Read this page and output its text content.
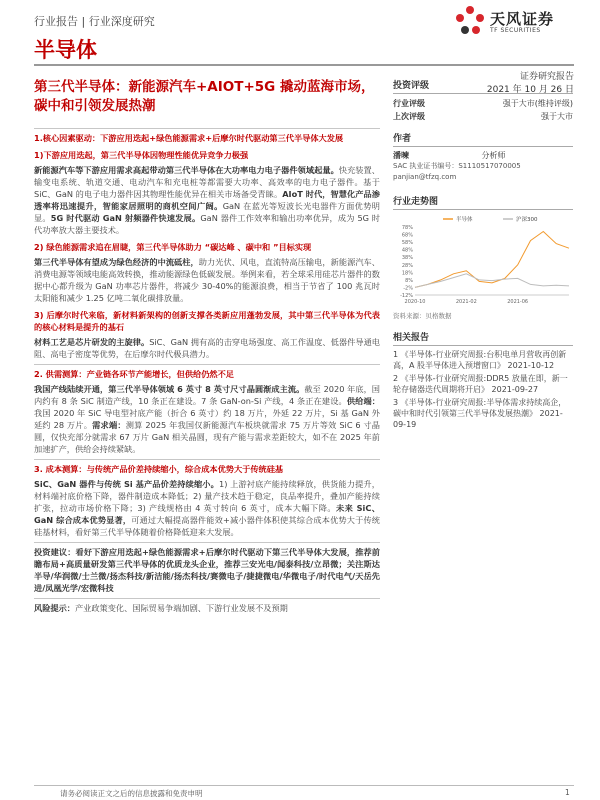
行业报告 | 行业深度研究	天风证券
TF SECURITIES
半导体
证券研究报告
2021 年 10 月 26 日
第三代半导体：新能源汽车+AIOT+5G 撬动蓝海市场，碳中和引领发展热潮
1.核心因素驱动：下游应用迭起+绿色能源需求+后摩尔时代驱动第三代半导体大发展
1)下游应用迭起，第三代半导体因物理性能优异竞争力极强

新能源汽车等下游应用需求高起带动第三代半导体在大功率电力电子器件领域起量。快充装置、输变电系统、轨道交通、电动汽车和充电桩等都需要大功率、高效率的电力电子器件。基于 SiC、GaN 的电子电力器件因其物理性能优异在相关市场备受青睐。AIoT 时代，智慧化产品渗透率将迅速提升，智能家居照明的商机空间广阔。GaN 在蓝光等短波长光电器件方面优势明显。5G 时代驱动 GaN 射频器件快速发展。GaN 器件工作效率和输出功率优异，成为 5G 时代功率放大器主要技术。

2) 绿色能源需求追在眉睫，第三代半导体助力 “碳达峰 、碳中和 ”目标实现

第三代半导体有望成为绿色经济的中流砥柱，助力光伏、风电，直流特高压输电，新能源汽车、消费电源等领域电能高效转换，推动能源绿色低碳发展。举例来看，若全球采用硅芯片器件的数据中心都升级为 GaN 功率芯片器件，将减少 30-40%的能源浪费，相当于节省了 100 兆瓦时太阳能和减少 1.25 亿吨二氧化碳排放量。

3) 后摩尔时代来临，新材料新架构的创新支撑各类新应用蓬勃发展，其中第三代半导体为代表的核心材料是提升的基石

材料工艺是芯片研发的主旋律。SiC、GaN 拥有高的击穿电场强度、高工作温度、低器件导通电阻、高电子密度等优势，在后摩尔时代极具潜力。

2. 供需测算：产业链各环节产能增长，但供给仍然不足

我国产线陆续开通，第三代半导体领域 6 英寸 8 英寸尺寸晶圆渐成主流。截至 2020 年底，国内约有 8 条 SiC 制造产线，10 条正在建设。7 条 GaN-on-Si 产线，4 条正在建设。供给端：我国 2020 年 SiC 导电型衬底产能（折合 6 英寸）约 18 万片，外延 22 万片，Si 基 GaN 外延约 28 万片。需求端：测算 2025 年我国仅新能源汽车板块就需求 75 万片等效 SiC 6 寸晶圆，仅快充部分就需求 67 万片 GaN 相关晶圆，现有产能与需求差距较大，如不在 2025 年前加速扩产，供给会持续紧缺。

3. 成本测算：与传统产品价差持续缩小，综合成本优势大于传统硅基

SiC、GaN 器件与传统 Si 基产品价差持续缩小。1) 上游衬底产能持续释放，供货能力提升，材料端衬底价格下降，器件制造成本降低；2) 量产技术趋于稳定，良品率提升，叠加产能持续扩张，拉动市场价格下降；3) 产线规格由 4 英寸转向 6 英寸，成本大幅下降。未来 SiC、GaN 综合成本优势显著，可通过大幅提高器件能效+减小器件体积使其综合成本优势大于传统硅基材料，看好第三代半导体随着价格降低迎来大发展。

投资建议：看好下游应用迭起+绿色能源需求+后摩尔时代驱动下第三代半导体大发展，推荐前瞻布局+高质量研发第三代半导体的优质龙头企业，推荐三安光电/闻泰科技/立昂微；关注斯达半导/华润微/士兰微/扬杰科技/新洁能/扬杰科技/赛微电子/捷捷微电/华微电子/时代电气/天岳先进/凤凰光学/宏微科技

风险提示：产业政策变化、国际贸易争端加剧、下游行业发展不及预期

投资评级
行业评级	强于大市(维持评级)
上次评级	强于大市
作者
潘暕	分析师
SAC 执业证书编号：S1110517070005
panjian@tfzq.com
行业走势图
78%
68%
58%
48%
38%
28%
18%
8%
-2%
-12%
2020-10	2021-02	2021-06
半导体	沪深300
资料来源：贝格数据
相关报告
1 《半导体-行业研究周报:台积电单月营收再创新高，A 股半导体进入预增窗口》 2021-10-12
2 《半导体-行业研究周报:DDR5 放量在即，新一轮存储器迭代周期将开启》 2021-09-27
3 《半导体-行业研究周报:半导体需求持续高企，碳中和时代引领第三代半导体发展热潮》 2021-09-19
请务必阅读正文之后的信息披露和免责申明	1
